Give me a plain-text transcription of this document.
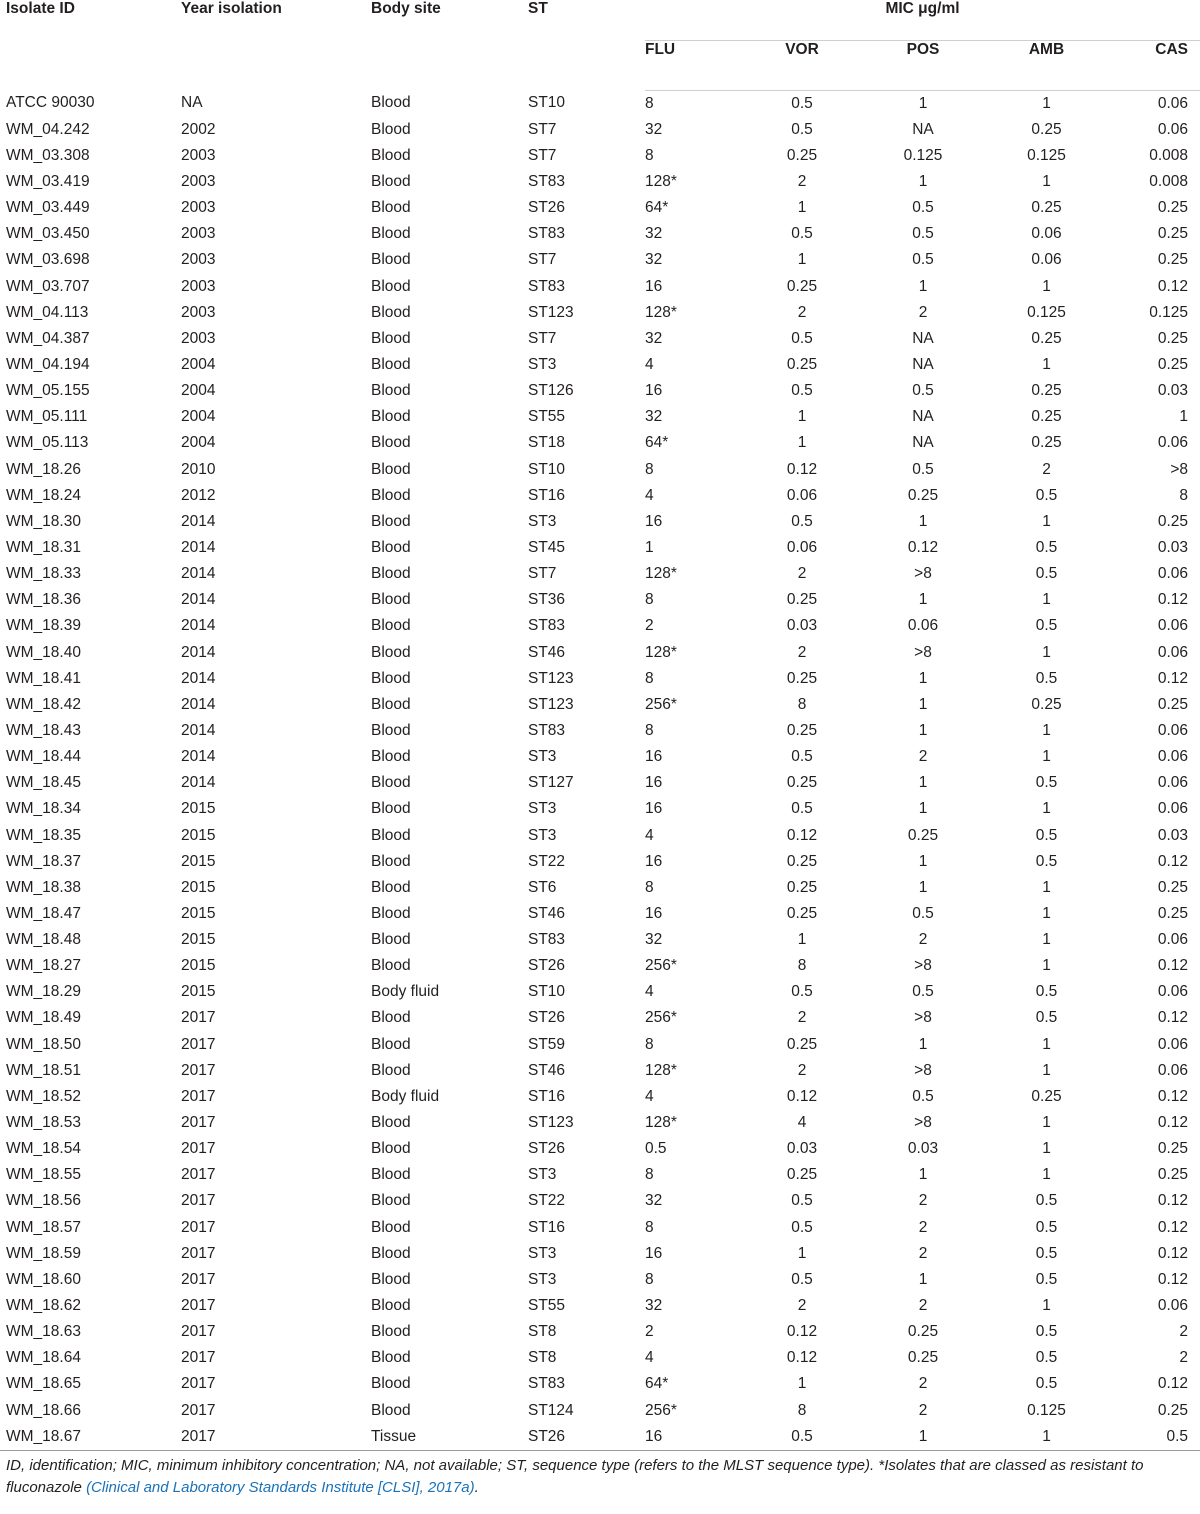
Isolate ID	Year isolation	Body site	ST	MIC μg/ml				
				FLU	VOR	POS	AMB	CAS
ATCC 90030	NA	Blood	ST10	8	0.5	1	1	0.06
WM_04.242	2002	Blood	ST7	32	0.5	NA	0.25	0.06
WM_03.308	2003	Blood	ST7	8	0.25	0.125	0.125	0.008
WM_03.419	2003	Blood	ST83	128*	2	1	1	0.008
WM_03.449	2003	Blood	ST26	64*	1	0.5	0.25	0.25
WM_03.450	2003	Blood	ST83	32	0.5	0.5	0.06	0.25
WM_03.698	2003	Blood	ST7	32	1	0.5	0.06	0.25
WM_03.707	2003	Blood	ST83	16	0.25	1	1	0.12
WM_04.113	2003	Blood	ST123	128*	2	2	0.125	0.125
WM_04.387	2003	Blood	ST7	32	0.5	NA	0.25	0.25
WM_04.194	2004	Blood	ST3	4	0.25	NA	1	0.25
WM_05.155	2004	Blood	ST126	16	0.5	0.5	0.25	0.03
WM_05.111	2004	Blood	ST55	32	1	NA	0.25	1
WM_05.113	2004	Blood	ST18	64*	1	NA	0.25	0.06
WM_18.26	2010	Blood	ST10	8	0.12	0.5	2	>8
WM_18.24	2012	Blood	ST16	4	0.06	0.25	0.5	8
WM_18.30	2014	Blood	ST3	16	0.5	1	1	0.25
WM_18.31	2014	Blood	ST45	1	0.06	0.12	0.5	0.03
WM_18.33	2014	Blood	ST7	128*	2	>8	0.5	0.06
WM_18.36	2014	Blood	ST36	8	0.25	1	1	0.12
WM_18.39	2014	Blood	ST83	2	0.03	0.06	0.5	0.06
WM_18.40	2014	Blood	ST46	128*	2	>8	1	0.06
WM_18.41	2014	Blood	ST123	8	0.25	1	0.5	0.12
WM_18.42	2014	Blood	ST123	256*	8	1	0.25	0.25
WM_18.43	2014	Blood	ST83	8	0.25	1	1	0.06
WM_18.44	2014	Blood	ST3	16	0.5	2	1	0.06
WM_18.45	2014	Blood	ST127	16	0.25	1	0.5	0.06
WM_18.34	2015	Blood	ST3	16	0.5	1	1	0.06
WM_18.35	2015	Blood	ST3	4	0.12	0.25	0.5	0.03
WM_18.37	2015	Blood	ST22	16	0.25	1	0.5	0.12
WM_18.38	2015	Blood	ST6	8	0.25	1	1	0.25
WM_18.47	2015	Blood	ST46	16	0.25	0.5	1	0.25
WM_18.48	2015	Blood	ST83	32	1	2	1	0.06
WM_18.27	2015	Blood	ST26	256*	8	>8	1	0.12
WM_18.29	2015	Body fluid	ST10	4	0.5	0.5	0.5	0.06
WM_18.49	2017	Blood	ST26	256*	2	>8	0.5	0.12
WM_18.50	2017	Blood	ST59	8	0.25	1	1	0.06
WM_18.51	2017	Blood	ST46	128*	2	>8	1	0.06
WM_18.52	2017	Body fluid	ST16	4	0.12	0.5	0.25	0.12
WM_18.53	2017	Blood	ST123	128*	4	>8	1	0.12
WM_18.54	2017	Blood	ST26	0.5	0.03	0.03	1	0.25
WM_18.55	2017	Blood	ST3	8	0.25	1	1	0.25
WM_18.56	2017	Blood	ST22	32	0.5	2	0.5	0.12
WM_18.57	2017	Blood	ST16	8	0.5	2	0.5	0.12
WM_18.59	2017	Blood	ST3	16	1	2	0.5	0.12
WM_18.60	2017	Blood	ST3	8	0.5	1	0.5	0.12
WM_18.62	2017	Blood	ST55	32	2	2	1	0.06
WM_18.63	2017	Blood	ST8	2	0.12	0.25	0.5	2
WM_18.64	2017	Blood	ST8	4	0.12	0.25	0.5	2
WM_18.65	2017	Blood	ST83	64*	1	2	0.5	0.12
WM_18.66	2017	Blood	ST124	256*	8	2	0.125	0.25
WM_18.67	2017	Tissue	ST26	16	0.5	1	1	0.5
ID, identification; MIC, minimum inhibitory concentration; NA, not available; ST, sequence type (refers to the MLST sequence type). *Isolates that are classed as resistant to fluconazole (Clinical and Laboratory Standards Institute [CLSI], 2017a).
